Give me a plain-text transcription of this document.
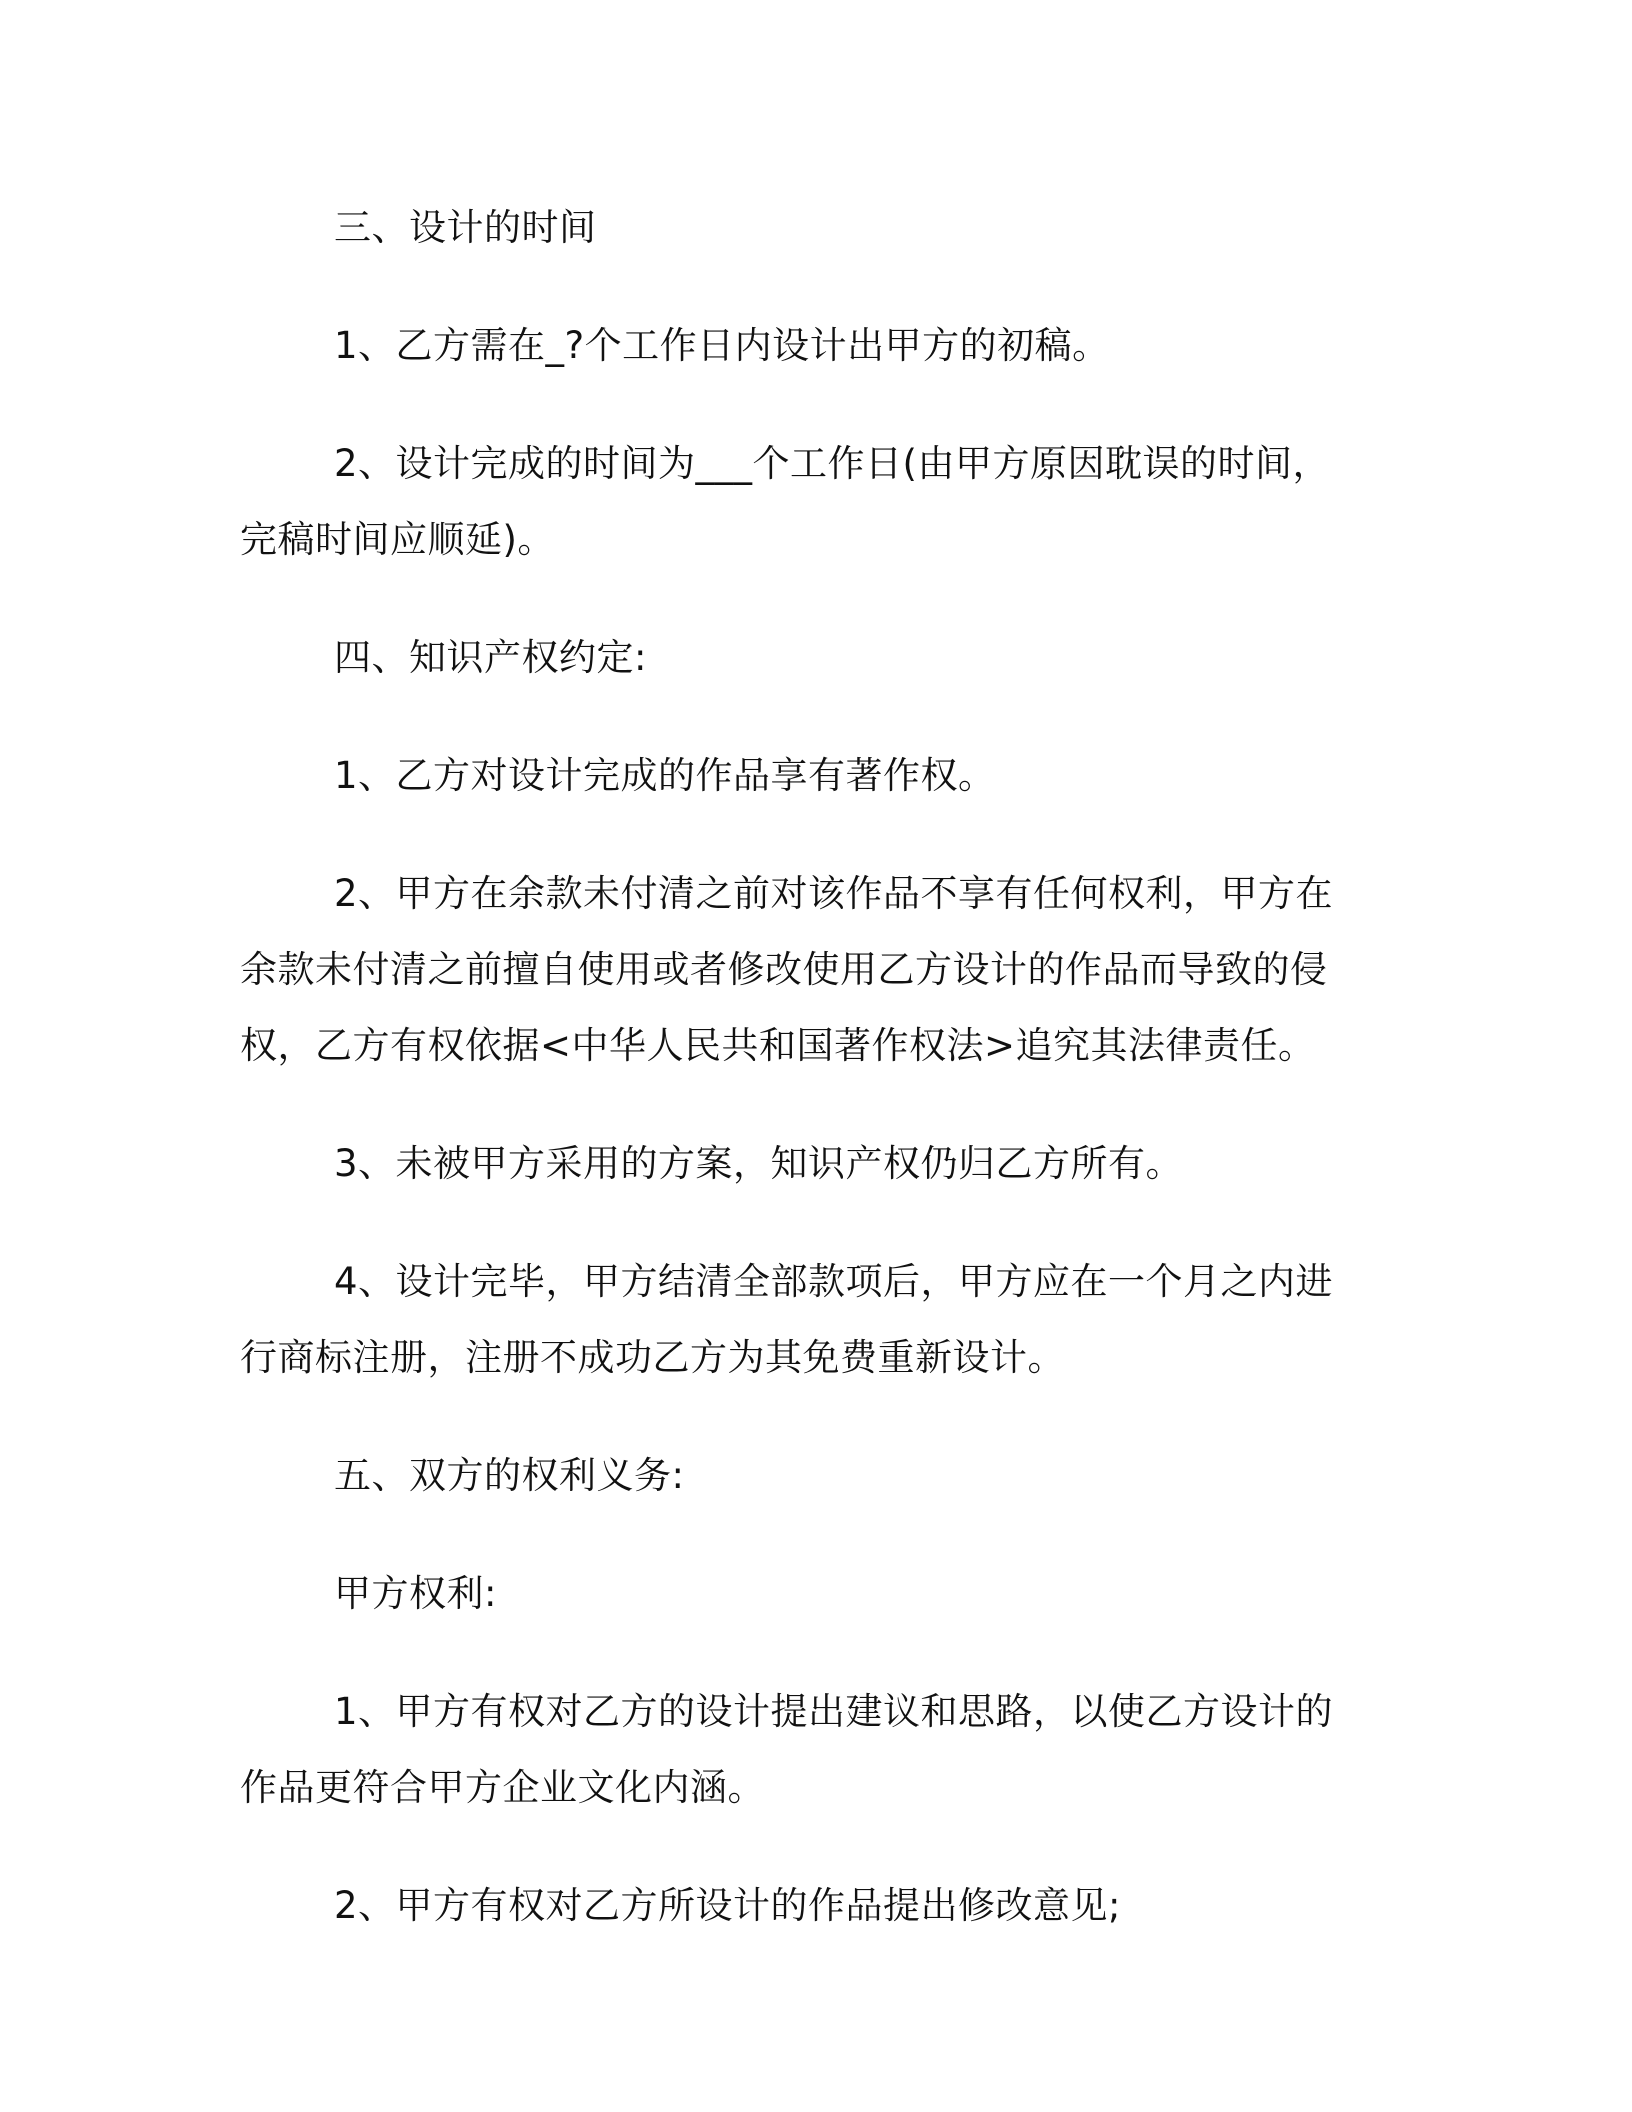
三、设计的时间

1、乙方需在_?个工作日内设计出甲方的初稿。

2、设计完成的时间为___个工作日(由甲方原因耽误的时间，完稿时间应顺延)。

四、知识产权约定:

1、乙方对设计完成的作品享有著作权。

2、甲方在余款未付清之前对该作品不享有任何权利，甲方在余款未付清之前擅自使用或者修改使用乙方设计的作品而导致的侵权，乙方有权依据<中华人民共和国著作权法>追究其法律责任。

3、未被甲方采用的方案，知识产权仍归乙方所有。

4、设计完毕，甲方结清全部款项后，甲方应在一个月之内进行商标注册，注册不成功乙方为其免费重新设计。

五、双方的权利义务:

甲方权利:

1、甲方有权对乙方的设计提出建议和思路，以使乙方设计的作品更符合甲方企业文化内涵。

2、甲方有权对乙方所设计的作品提出修改意见;
